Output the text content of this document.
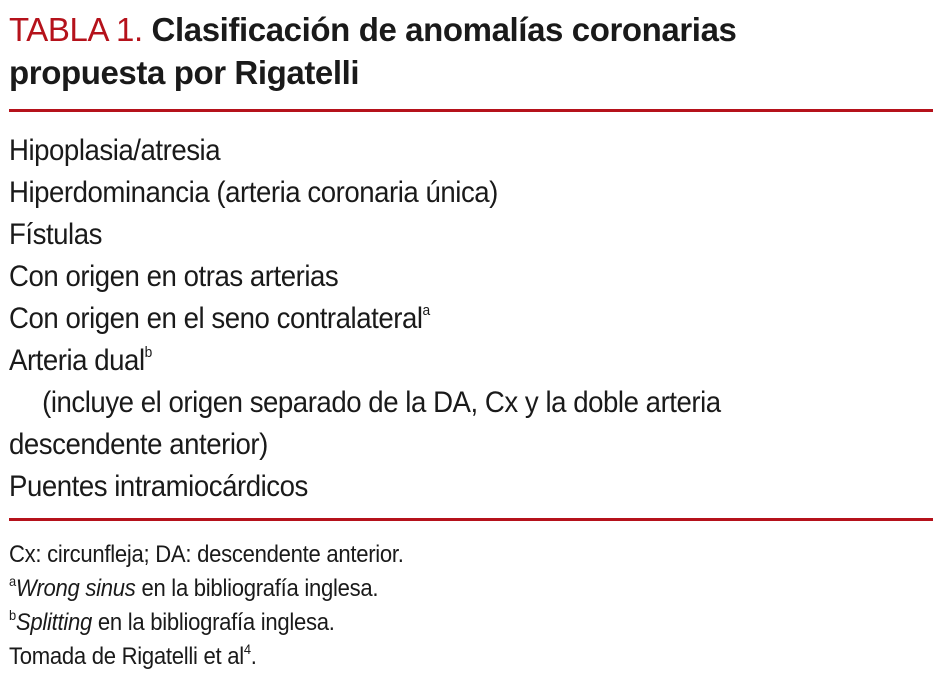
TABLA 1. Clasificación de anomalías coronarias
propuesta por Rigatelli
Hipoplasia/atresia
Hiperdominancia (arteria coronaria única)
Fístulas
Con origen en otras arterias
Con origen en el seno contralateral$^a$
Arteria dual$^b$
(incluye el origen separado de la DA, Cx y la doble arteria
descendente anterior)
Puentes intramiocárdicos
Cx: circunfleja; DA: descendente anterior.
$^a$Wrong sinus en la bibliografía inglesa.
$^b$Splitting en la bibliografía inglesa.
Tomada de Rigatelli et $al^4$.
